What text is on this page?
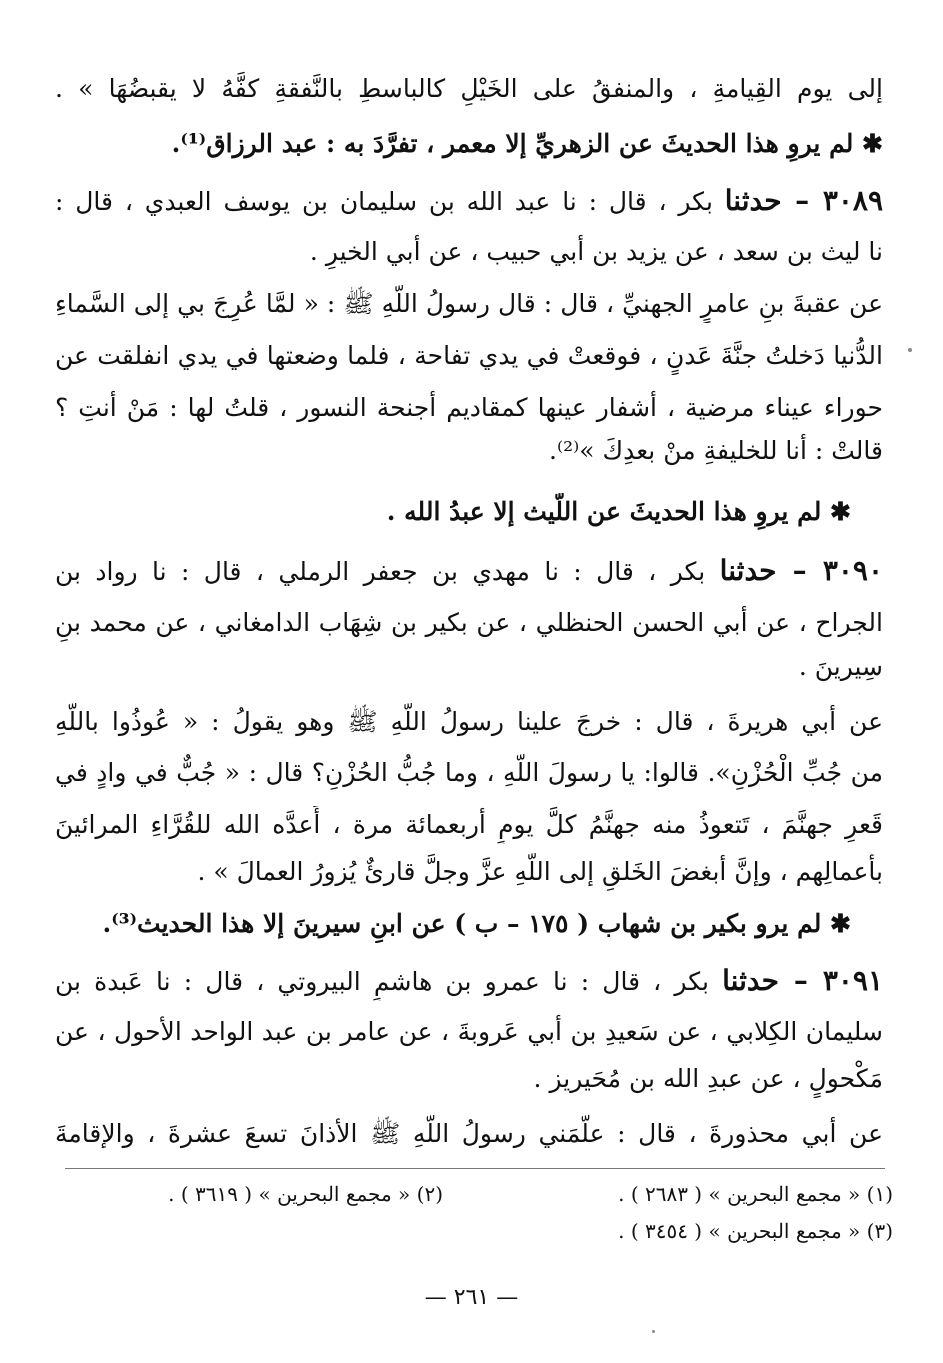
إلى يوم القِيامةِ ، والمنفقُ على الخَيْلِ كالباسطِ بالنَّفقةِ كفَّهُ لا يقبضُهَا » .
✱ لم يروِ هذا الحديثَ عن الزهريِّ إلا معمر ، تفرَّدَ به : عبد الرزاق⁽¹⁾.
٣٠٨٩ – حدثنا بكر ، قال : نا عبد الله بن سليمان بن يوسف العبدي ، قال :
نا ليث بن سعد ، عن يزيد بن أبي حبيب ، عن أبي الخيرِ .
عن عقبةَ بنِ عامرٍ الجهنيِّ ، قال : قال رسولُ اللّهِ ﷺ : « لمَّا عُرِجَ بي إلى السَّماءِ
الدُّنيا دَخلتُ جنَّةَ عَدنٍ ، فوقعتْ في يدي تفاحة ، فلما وضعتها في يدي انفلقت عن
حوراء عيناء مرضية ، أشفار عينها كمقاديم أجنحة النسور ، قلتُ لها : مَنْ أنتِ ؟
قالتْ : أنا للخليفةِ منْ بعدِكَ »⁽²⁾.
✱ لم يروِ هذا الحديثَ عن اللَّيث إلا عبدُ الله .
٣٠٩٠ – حدثنا بكر ، قال : نا مهدي بن جعفر الرملي ، قال : نا رواد بن
الجراح ، عن أبي الحسن الحنظلي ، عن بكير بن شِهَاب الدامغاني ، عن محمد بنِ
سِيرينَ .
عن أبي هريرةَ ، قال : خرجَ علينا رسولُ اللّهِ ﷺ وهو يقولُ : « عُوذُوا باللّهِ
من جُبِّ الْحُزْنِ». قالوا: يا رسولَ اللّهِ ، وما جُبُّ الحُزْنِ؟ قال : « جُبٌّ في وادٍ في
قَعرِ جهنَّمَ ، تَتعوذُ منه جهنَّمُ كلَّ يومٍ أربعمائة مرة ، أَعدَّه الله للقُرَّاءِ المرائينَ
بأعمالِهم ، وإنَّ أبغضَ الخَلقِ إلى اللّهِ عزَّ وجلَّ قارئٌ يُزورُ العمالَ » .
✱ لم يرو بكير بن شهاب ( ١٧٥ – ب ) عن ابنِ سيرينَ إلا هذا الحديث⁽³⁾.
٣٠٩١ – حدثنا بكر ، قال : نا عمرو بن هاشمٍ البيروتي ، قال : نا عَبدة بن
سليمان الكِلابي ، عن سَعيدِ بن أبي عَروبةَ ، عن عامر بن عبد الواحد الأحول ، عن
مَكْحولٍ ، عن عبدِ الله بن مُحَيريز .
عن أبي محذورةَ ، قال : علَّمَني رسولُ اللّهِ ﷺ الأذانَ تسعَ عشرةَ ، والإقامةَ
(١) « مجمع البحرين » ( ٢٦٨٣ ) .
(٢) « مجمع البحرين » ( ٣٦١٩ ) .
(٣) « مجمع البحرين » ( ٣٤٥٤ ) .
— ٢٦١ —
